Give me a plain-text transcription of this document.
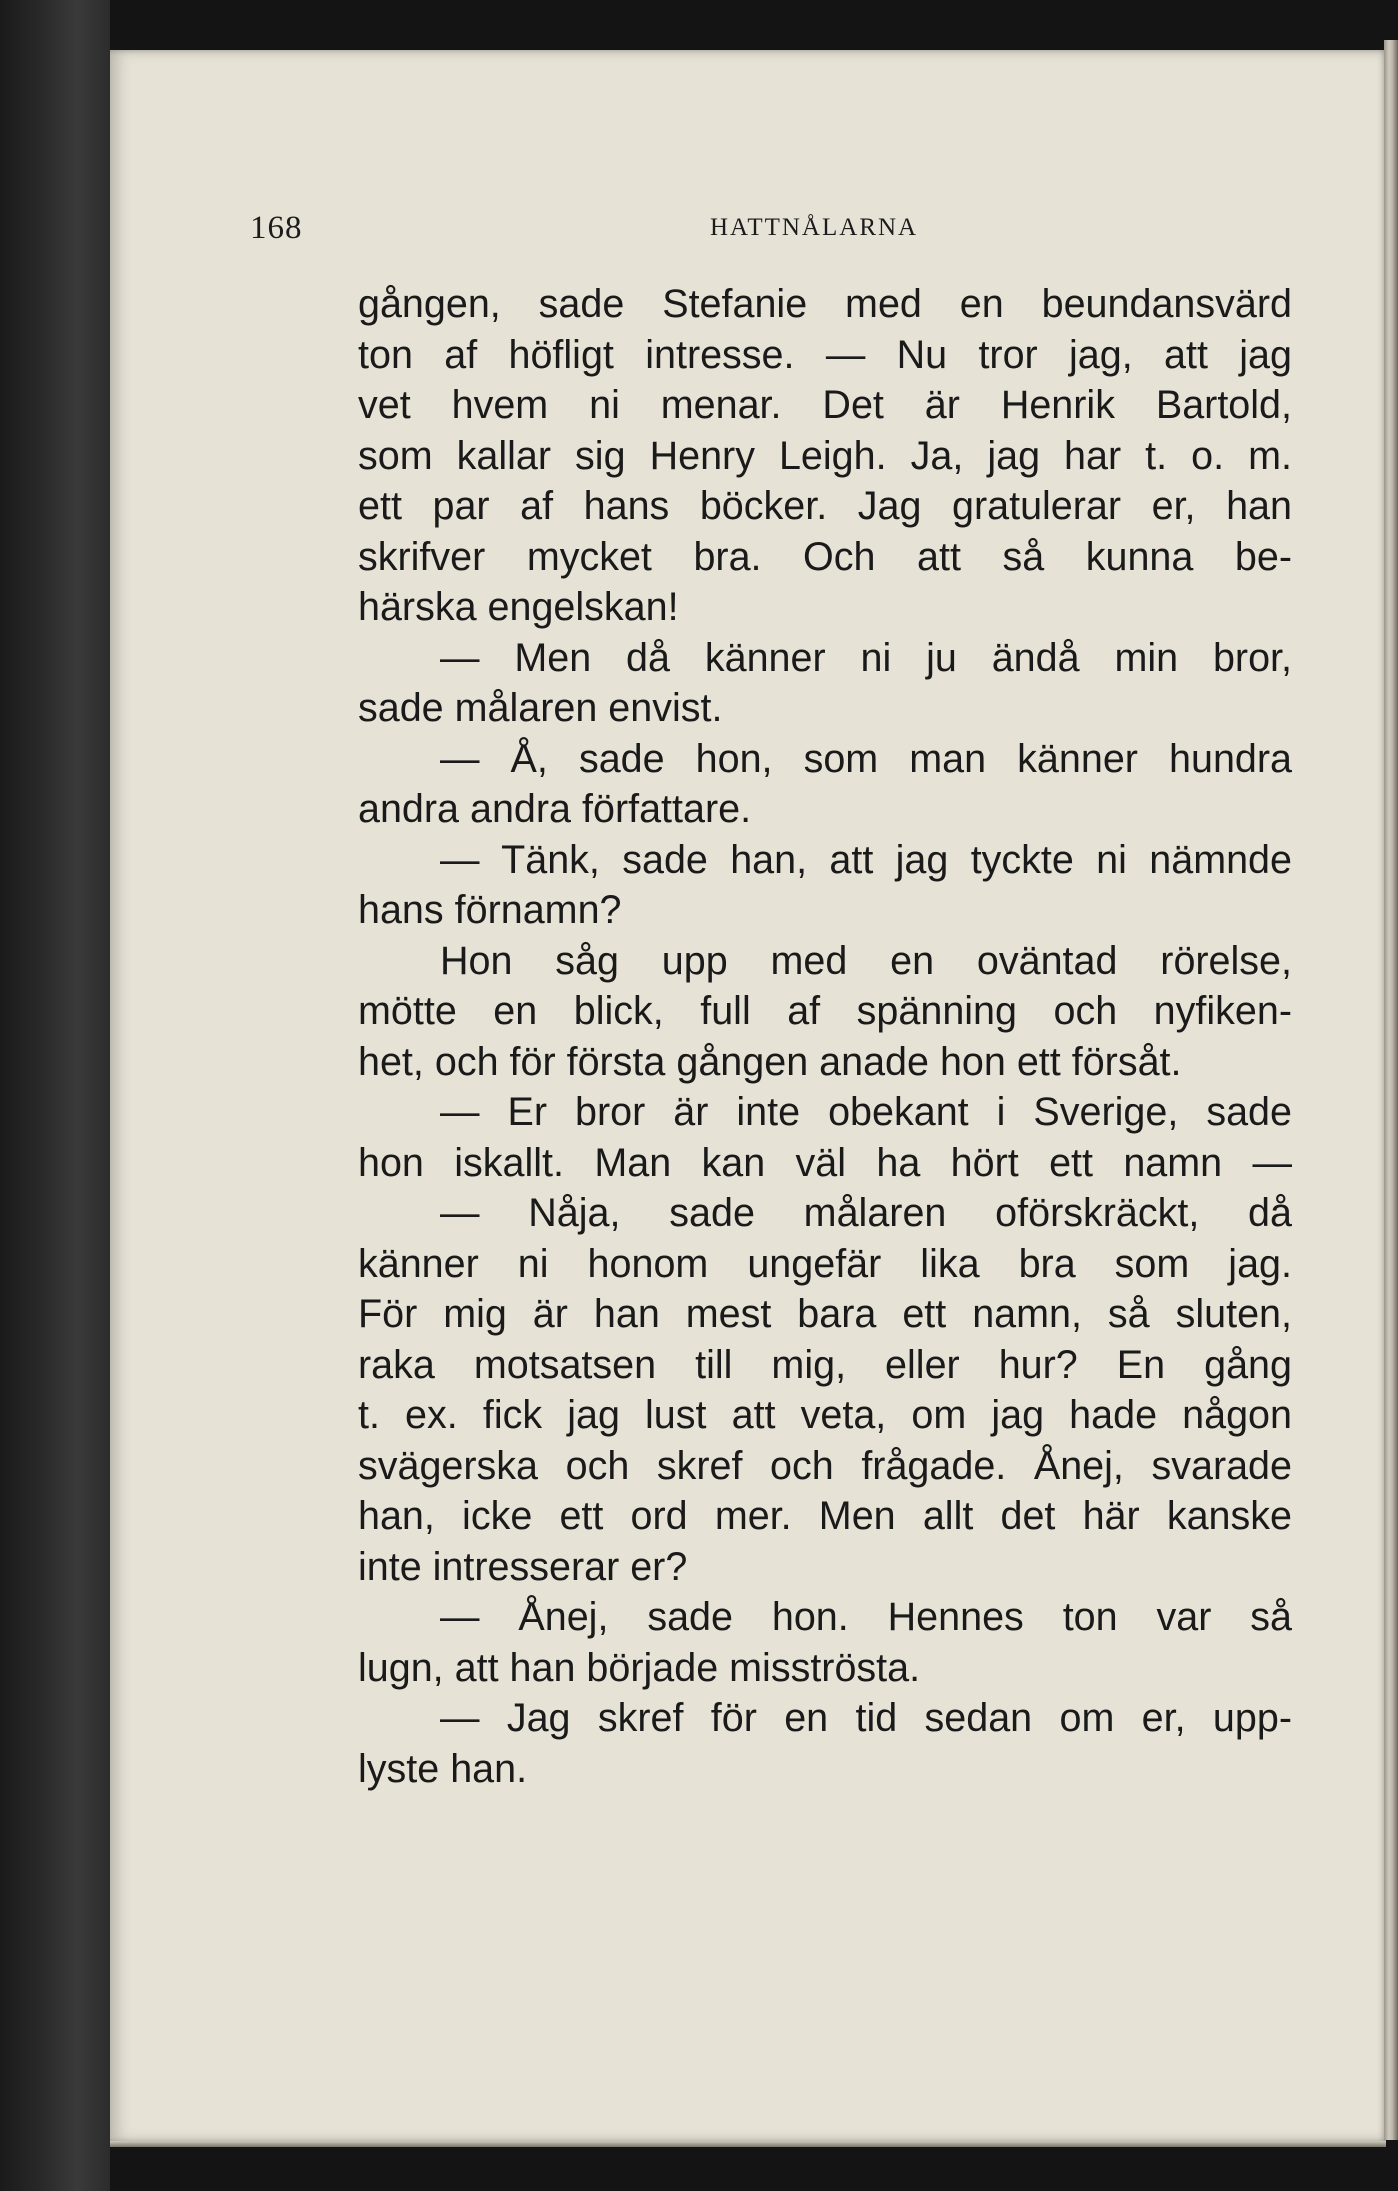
168	HATTNÅLARNA
gången, sade Stefanie med en beundansvärd
ton af höfligt intresse. — Nu tror jag, att jag
vet hvem ni menar. Det är Henrik Bartold,
som kallar sig Henry Leigh. Ja, jag har t. o. m.
ett par af hans böcker. Jag gratulerar er, han
skrifver mycket bra. Och att så kunna be-
härska engelskan!
— Men då känner ni ju ändå min bror,
sade målaren envist.
— Å, sade hon, som man känner hundra
andra andra författare.
— Tänk, sade han, att jag tyckte ni nämnde
hans förnamn?
Hon såg upp med en oväntad rörelse,
mötte en blick, full af spänning och nyfiken-
het, och för första gången anade hon ett försåt.
— Er bror är inte obekant i Sverige, sade
hon iskallt. Man kan väl ha hört ett namn —
— Nåja, sade målaren oförskräckt, då
känner ni honom ungefär lika bra som jag.
För mig är han mest bara ett namn, så sluten,
raka motsatsen till mig, eller hur? En gång
t. ex. fick jag lust att veta, om jag hade någon
svägerska och skref och frågade. Ånej, svarade
han, icke ett ord mer. Men allt det här kanske
inte intresserar er?
— Ånej, sade hon. Hennes ton var så
lugn, att han började misströsta.
— Jag skref för en tid sedan om er, upp-
lyste han.
